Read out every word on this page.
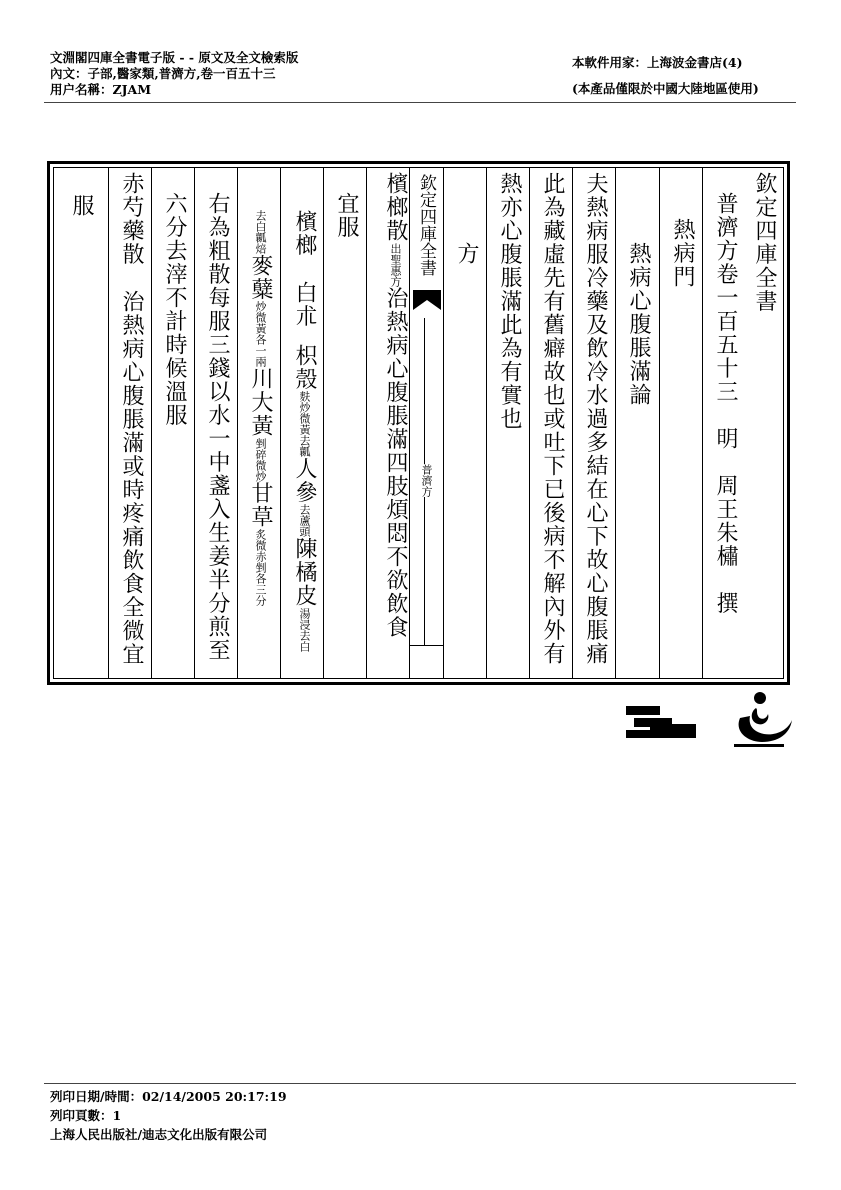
文淵閣四庫全書電子版 - - 原文及全文檢索版
內文：子部,醫家類,普濟方,卷一百五十三
用户名稱：ZJAM
本軟件用家：上海波金書店(4)
(本產品僅限於中國大陸地區使用)
欽定四庫全書
普濟方卷一百五十三　明　周王朱橚　撰
熱病門
熱病心腹脹滿論
夫熱病服冷藥及飲冷水過多結在心下故心腹脹痛
此為藏虛先有舊癖故也或吐下已後病不解內外有
熱亦心腹脹滿此為有實也
方
欽定四庫全書
普濟方
檳榔散出聖惠方治熱病心腹脹滿四肢煩悶不欲飲食
宜服
檳榔白朮枳殼麩炒微黃去瓤人參去蘆頭陳橘皮湯浸去白
去白瓤焙麥糵炒微黃各一兩川大黃剉碎微炒甘草炙微赤剉各三分
右為粗散每服三錢以水一中盞入生姜半分煎至
六分去滓不計時候溫服
赤芍藥散治熱病心腹脹滿或時疼痛飲食全微宜
服
列印日期/時間：02/14/2005 20:17:19
列印頁數：1
上海人民出版社/迪志文化出版有限公司
